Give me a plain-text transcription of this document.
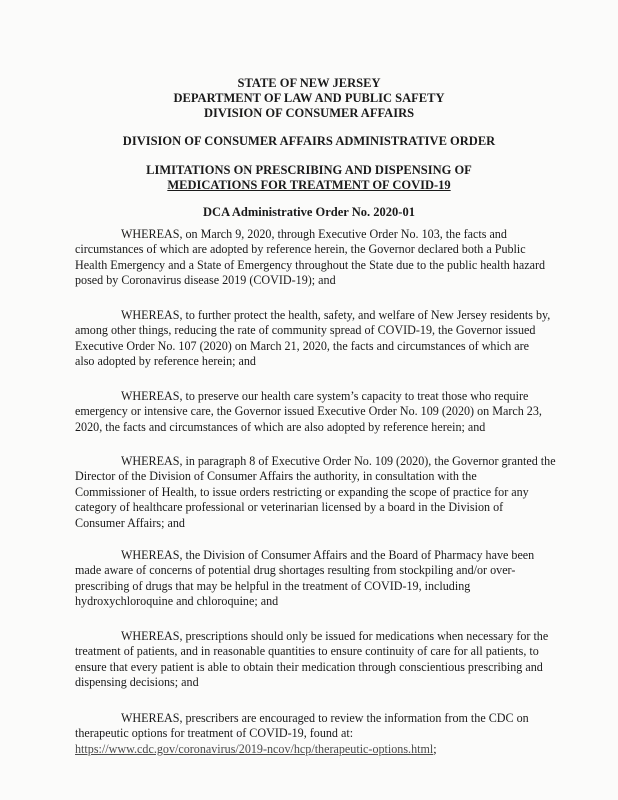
STATE OF NEW JERSEY
DEPARTMENT OF LAW AND PUBLIC SAFETY
DIVISION OF CONSUMER AFFAIRS
DIVISION OF CONSUMER AFFAIRS ADMINISTRATIVE ORDER
LIMITATIONS ON PRESCRIBING AND DISPENSING OF
MEDICATIONS FOR TREATMENT OF COVID-19
DCA Administrative Order No. 2020-01
WHEREAS, on March 9, 2020, through Executive Order No. 103, the facts and
circumstances of which are adopted by reference herein, the Governor declared both a Public
Health Emergency and a State of Emergency throughout the State due to the public health hazard
posed by Coronavirus disease 2019 (COVID-19); and
WHEREAS, to further protect the health, safety, and welfare of New Jersey residents by,
among other things, reducing the rate of community spread of COVID-19, the Governor issued
Executive Order No. 107 (2020) on March 21, 2020, the facts and circumstances of which are
also adopted by reference herein; and
WHEREAS, to preserve our health care system’s capacity to treat those who require
emergency or intensive care, the Governor issued Executive Order No. 109 (2020) on March 23,
2020, the facts and circumstances of which are also adopted by reference herein; and
WHEREAS, in paragraph 8 of Executive Order No. 109 (2020), the Governor granted the
Director of the Division of Consumer Affairs the authority, in consultation with the
Commissioner of Health, to issue orders restricting or expanding the scope of practice for any
category of healthcare professional or veterinarian licensed by a board in the Division of
Consumer Affairs; and
WHEREAS, the Division of Consumer Affairs and the Board of Pharmacy have been
made aware of concerns of potential drug shortages resulting from stockpiling and/or over-
prescribing of drugs that may be helpful in the treatment of COVID-19, including
hydroxychloroquine and chloroquine; and
WHEREAS, prescriptions should only be issued for medications when necessary for the
treatment of patients, and in reasonable quantities to ensure continuity of care for all patients, to
ensure that every patient is able to obtain their medication through conscientious prescribing and
dispensing decisions; and
WHEREAS, prescribers are encouraged to review the information from the CDC on
therapeutic options for treatment of COVID-19, found at:
https://www.cdc.gov/coronavirus/2019-ncov/hcp/therapeutic-options.html;
